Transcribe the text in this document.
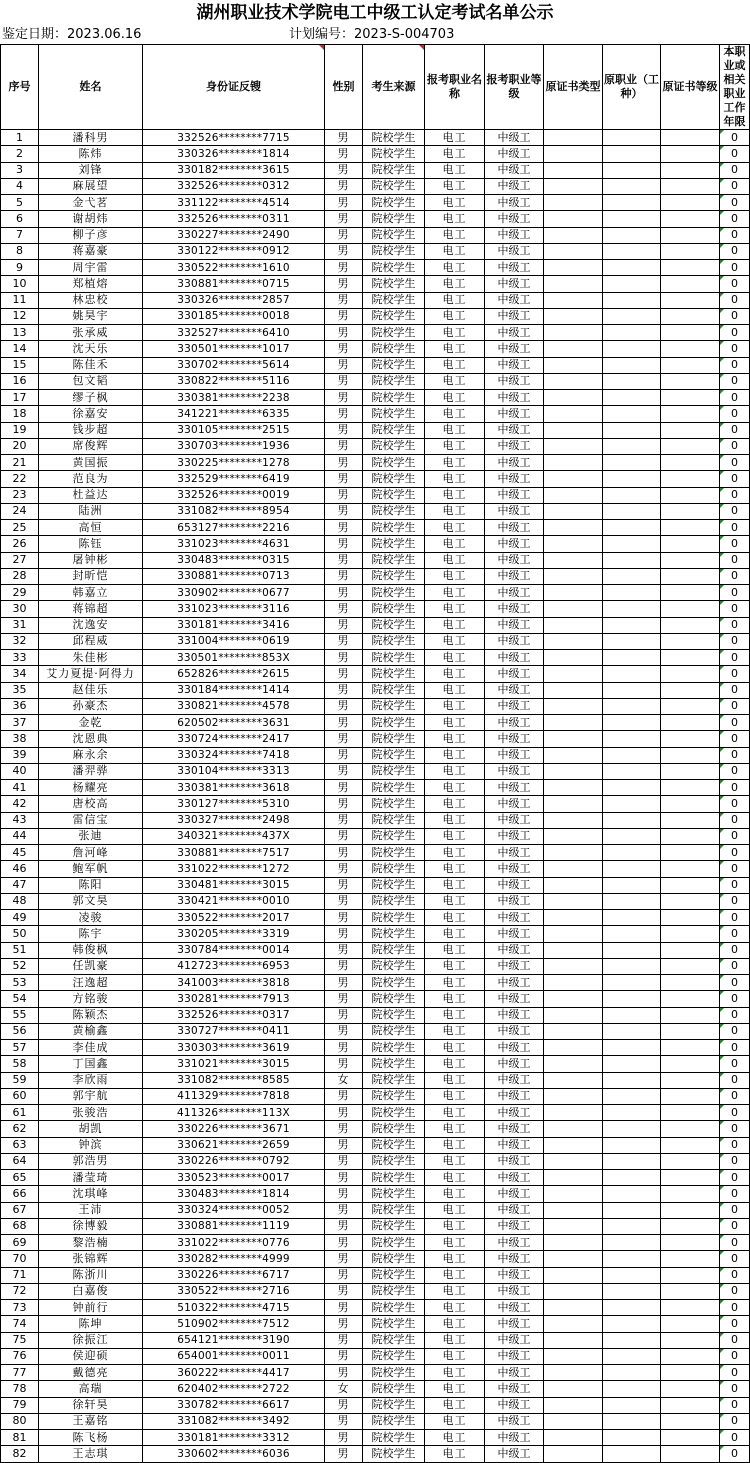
湖州职业技术学院电工中级工认定考试名单公示
鉴定日期：2023.06.16	计划编号：2023-S-004703
序号	姓名	身份证反锼	性别	考生来源	报考职业名称	报考职业等级	原证书类型	原职业（工种）	原证书等级	本职业或相关职业工作年限
1	潘科男	332526********7715	男	院校学生	电工	中级工				0
2	陈炜	330326********1814	男	院校学生	电工	中级工				0
3	刘锋	330182********3615	男	院校学生	电工	中级工				0
4	麻展望	332526********0312	男	院校学生	电工	中级工				0
5	金弋茗	331122********4514	男	院校学生	电工	中级工				0
6	谢胡炜	332526********0311	男	院校学生	电工	中级工				0
7	柳子彦	330227********2490	男	院校学生	电工	中级工				0
8	蒋嘉豪	330122********0912	男	院校学生	电工	中级工				0
9	周宇雷	330522********1610	男	院校学生	电工	中级工				0
10	郑植熔	330881********0715	男	院校学生	电工	中级工				0
11	林忠校	330326********2857	男	院校学生	电工	中级工				0
12	姚昊宇	330185********0018	男	院校学生	电工	中级工				0
13	张承威	332527********6410	男	院校学生	电工	中级工				0
14	沈天乐	330501********1017	男	院校学生	电工	中级工				0
15	陈佳禾	330702********5614	男	院校学生	电工	中级工				0
16	包文韬	330822********5116	男	院校学生	电工	中级工				0
17	缪子枫	330381********2238	男	院校学生	电工	中级工				0
18	徐嘉安	341221********6335	男	院校学生	电工	中级工				0
19	钱步超	330105********2515	男	院校学生	电工	中级工				0
20	席俊辉	330703********1936	男	院校学生	电工	中级工				0
21	黄国振	330225********1278	男	院校学生	电工	中级工				0
22	范良为	332529********6419	男	院校学生	电工	中级工				0
23	杜益达	332526********0019	男	院校学生	电工	中级工				0
24	陆洲	331082********8954	男	院校学生	电工	中级工				0
25	高恒	653127********2216	男	院校学生	电工	中级工				0
26	陈钰	331023********4631	男	院校学生	电工	中级工				0
27	屠钟彬	330483********0315	男	院校学生	电工	中级工				0
28	封昕恺	330881********0713	男	院校学生	电工	中级工				0
29	韩嘉立	330902********0677	男	院校学生	电工	中级工				0
30	蒋锦超	331023********3116	男	院校学生	电工	中级工				0
31	沈逸安	330181********3416	男	院校学生	电工	中级工				0
32	邱程威	331004********0619	男	院校学生	电工	中级工				0
33	朱佳彬	330501********853X	男	院校学生	电工	中级工				0
34	艾力夏提·阿得力	652826********2615	男	院校学生	电工	中级工				0
35	赵佳乐	330184********1414	男	院校学生	电工	中级工				0
36	孙豪杰	330821********4578	男	院校学生	电工	中级工				0
37	金乾	620502********3631	男	院校学生	电工	中级工				0
38	沈恩典	330724********2417	男	院校学生	电工	中级工				0
39	麻永余	330324********7418	男	院校学生	电工	中级工				0
40	潘羿骅	330104********3313	男	院校学生	电工	中级工				0
41	杨耀亮	330381********3618	男	院校学生	电工	中级工				0
42	唐校高	330127********5310	男	院校学生	电工	中级工				0
43	雷信宝	330327********2498	男	院校学生	电工	中级工				0
44	张迪	340321********437X	男	院校学生	电工	中级工				0
45	詹河峰	330881********7517	男	院校学生	电工	中级工				0
46	鲍军帆	331022********1272	男	院校学生	电工	中级工				0
47	陈阳	330481********3015	男	院校学生	电工	中级工				0
48	郭文昊	330421********0010	男	院校学生	电工	中级工				0
49	凌骏	330522********2017	男	院校学生	电工	中级工				0
50	陈宇	330205********3319	男	院校学生	电工	中级工				0
51	韩俊枫	330784********0014	男	院校学生	电工	中级工				0
52	任凯豪	412723********6953	男	院校学生	电工	中级工				0
53	汪逸超	341003********3818	男	院校学生	电工	中级工				0
54	方铭骏	330281********7913	男	院校学生	电工	中级工				0
55	陈颖杰	332526********0317	男	院校学生	电工	中级工				0
56	黄榆鑫	330727********0411	男	院校学生	电工	中级工				0
57	李佳成	330303********3619	男	院校学生	电工	中级工				0
58	丁国鑫	331021********3015	男	院校学生	电工	中级工				0
59	李欣雨	331082********8585	女	院校学生	电工	中级工				0
60	郭宇航	411329********7818	男	院校学生	电工	中级工				0
61	张骏浩	411326********113X	男	院校学生	电工	中级工				0
62	胡凯	330226********3671	男	院校学生	电工	中级工				0
63	钟滨	330621********2659	男	院校学生	电工	中级工				0
64	郭浩男	330226********0792	男	院校学生	电工	中级工				0
65	潘莹琦	330523********0017	男	院校学生	电工	中级工				0
66	沈琪峰	330483********1814	男	院校学生	电工	中级工				0
67	王沛	330324********0052	男	院校学生	电工	中级工				0
68	徐博毅	330881********1119	男	院校学生	电工	中级工				0
69	黎浩楠	331022********0776	男	院校学生	电工	中级工				0
70	张锦辉	330282********4999	男	院校学生	电工	中级工				0
71	陈浙川	330226********6717	男	院校学生	电工	中级工				0
72	白嘉俊	330522********2716	男	院校学生	电工	中级工				0
73	钟前行	510322********4715	男	院校学生	电工	中级工				0
74	陈坤	510902********7512	男	院校学生	电工	中级工				0
75	徐振江	654121********3190	男	院校学生	电工	中级工				0
76	侯迎硕	654001********0011	男	院校学生	电工	中级工				0
77	戴德亮	360222********4417	男	院校学生	电工	中级工				0
78	高瑞	620402********2722	女	院校学生	电工	中级工				0
79	徐轩昊	330782********6617	男	院校学生	电工	中级工				0
80	王嘉铭	331082********3492	男	院校学生	电工	中级工				0
81	陈飞杨	330181********3312	男	院校学生	电工	中级工				0
82	王志琪	330602********6036	男	院校学生	电工	中级工				0
